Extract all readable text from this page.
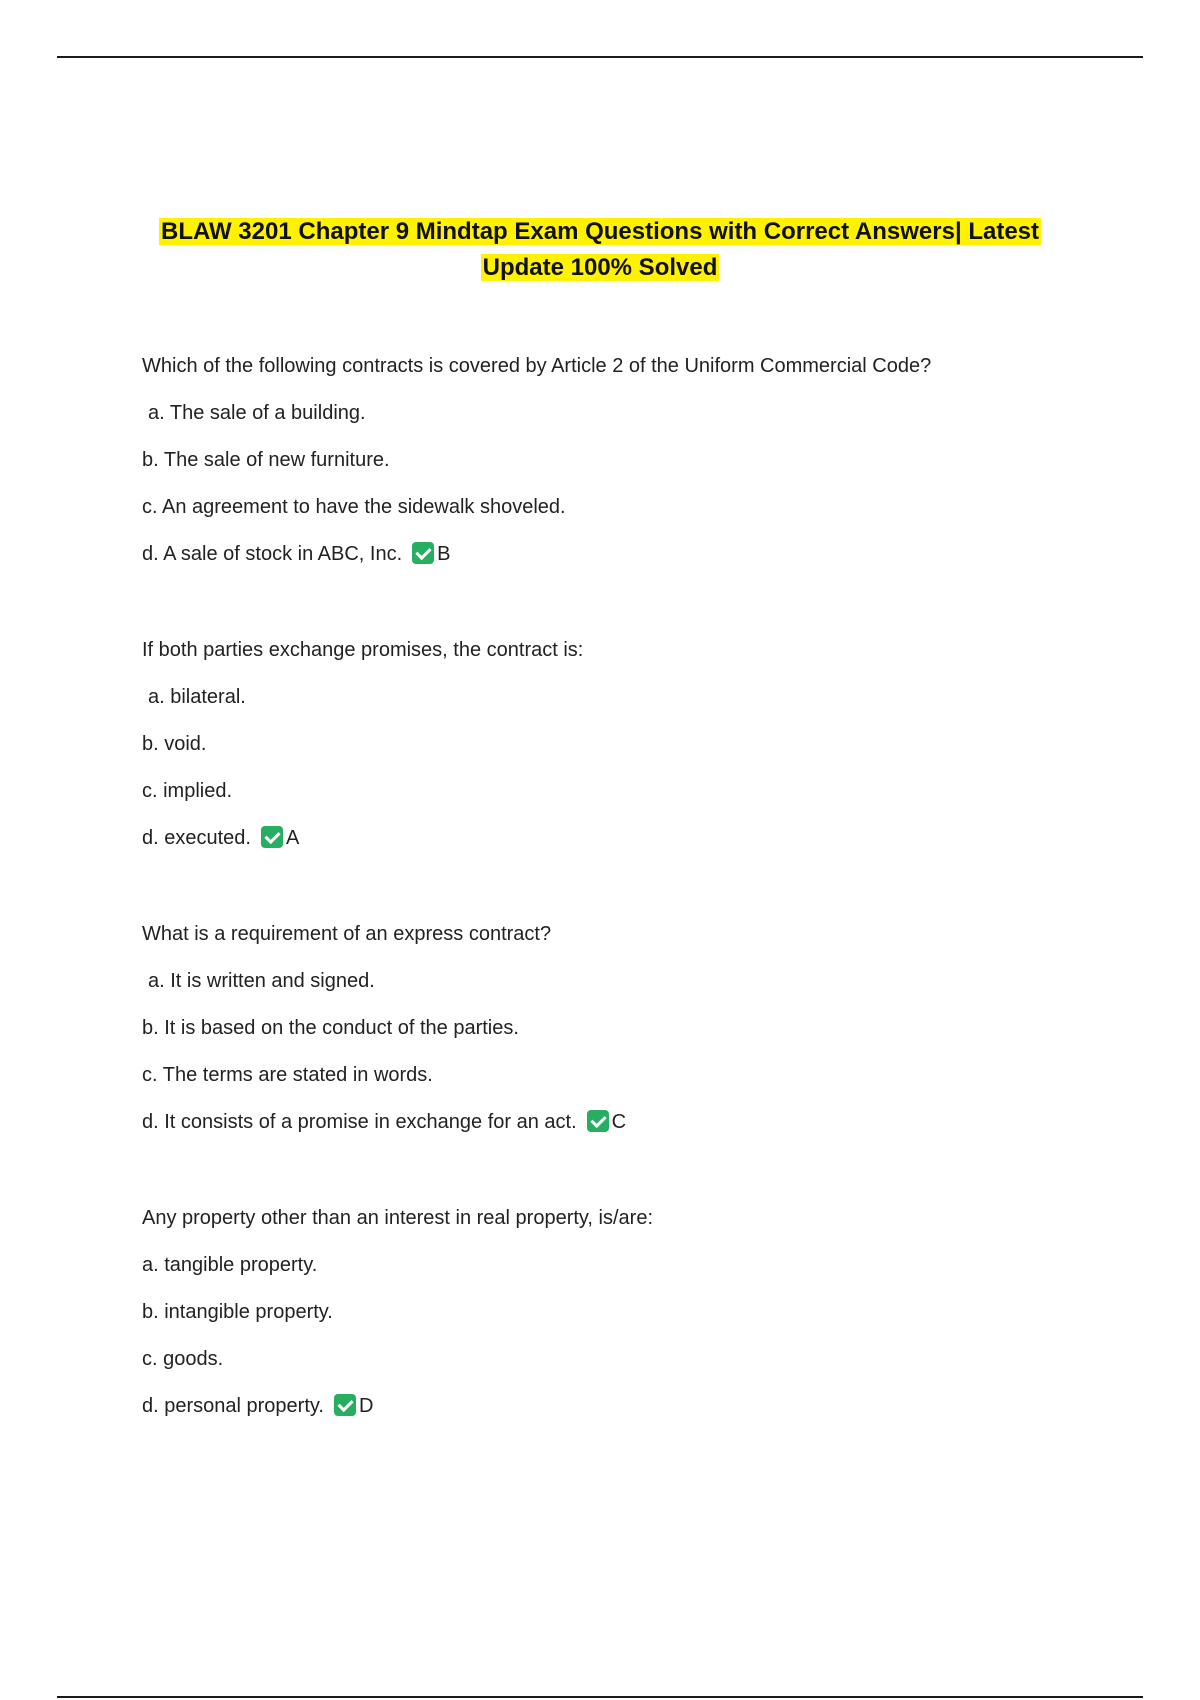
BLAW 3201 Chapter 9 Mindtap Exam Questions with Correct Answers| Latest
Update 100% Solved
Which of the following contracts is covered by Article 2 of the Uniform Commercial Code?
a. The sale of a building.
b. The sale of new furniture.
c. An agreement to have the sidewalk shoveled.
d. A sale of stock in ABC, Inc. B
If both parties exchange promises, the contract is:
a. bilateral.
b. void.
c. implied.
d. executed. A
What is a requirement of an express contract?
a. It is written and signed.
b. It is based on the conduct of the parties.
c. The terms are stated in words.
d. It consists of a promise in exchange for an act. C
Any property other than an interest in real property, is/are:
a. tangible property.
b. intangible property.
c. goods.
d. personal property. D
